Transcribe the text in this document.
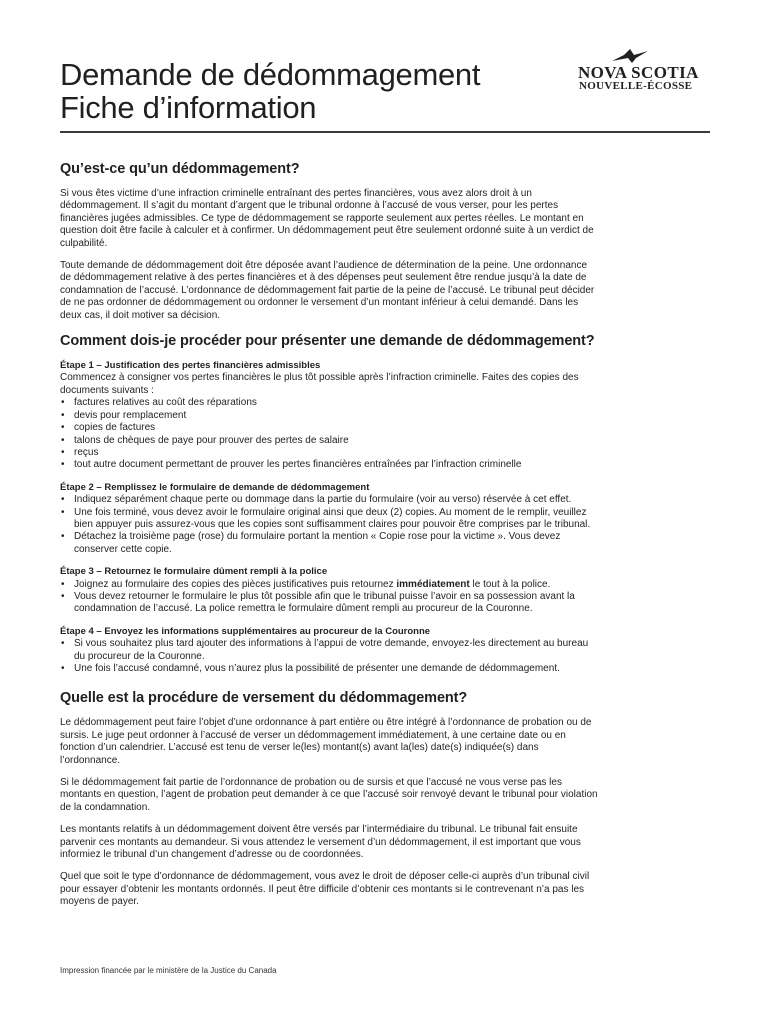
Demande de dédommagement
Fiche d’information
NOVA SCOTIA
NOUVELLE-ÉCOSSE
Qu’est-ce qu’un dédommagement?

Si vous êtes victime d’une infraction criminelle entraînant des pertes financières, vous avez alors droit à un dédommagement. Il s’agit du montant d’argent que le tribunal ordonne à l’accusé de vous verser, pour les pertes financières jugées admissibles. Ce type de dédommagement se rapporte seulement aux pertes réelles. Le montant en question doit être facile à calculer et à confirmer. Un dédommagement peut être seulement ordonné suite à un verdict de culpabilité.

Toute demande de dédommagement doit être déposée avant l’audience de détermination de la peine. Une ordonnance de dédommagement relative à des pertes financières et à des dépenses peut seulement être rendue jusqu’à la date de condamnation de l’accusé. L’ordonnance de dédommagement fait partie de la peine de l’accusé. Le tribunal peut décider de ne pas ordonner de dédommagement ou ordonner le versement d’un montant inférieur à celui demandé. Dans les deux cas, il doit motiver sa décision.

Comment dois-je procéder pour présenter une demande de dédommagement?
Étape 1 – Justification des pertes financières admissibles
Commencez à consigner vos pertes financières le plus tôt possible après l’infraction criminelle. Faites des copies des documents suivants :
• factures relatives au coût des réparations
• devis pour remplacement
• copies de factures
• talons de chèques de paye pour prouver des pertes de salaire
• reçus
• tout autre document permettant de prouver les pertes financières entraînées par l’infraction criminelle
Étape 2 – Remplissez le formulaire de demande de dédommagement
• Indiquez séparément chaque perte ou dommage dans la partie du formulaire (voir au verso) réservée à cet effet.
• Une fois terminé, vous devez avoir le formulaire original ainsi que deux (2) copies. Au moment de le remplir, veuillez bien appuyer puis assurez-vous que les copies sont suffisamment claires pour pouvoir être comprises par le tribunal.
• Détachez la troisième page (rose) du formulaire portant la mention « Copie rose pour la victime ». Vous devez conserver cette copie.
Étape 3 – Retournez le formulaire dûment rempli à la police
• Joignez au formulaire des copies des pièces justificatives puis retournez immédiatement le tout à la police.
• Vous devez retourner le formulaire le plus tôt possible afin que le tribunal puisse l’avoir en sa possession avant la condamnation de l’accusé. La police remettra le formulaire dûment rempli au procureur de la Couronne.
Étape 4 – Envoyez les informations supplémentaires au procureur de la Couronne
• Si vous souhaitez plus tard ajouter des informations à l’appui de votre demande, envoyez-les directement au bureau du procureur de la Couronne.
• Une fois l’accusé condamné, vous n’aurez plus la possibilité de présenter une demande de dédommagement.
Quelle est la procédure de versement du dédommagement?

Le dédommagement peut faire l’objet d’une ordonnance à part entière ou être intégré à l’ordonnance de probation ou de sursis. Le juge peut ordonner à l’accusé de verser un dédommagement immédiatement, à une certaine date ou en fonction d’un calendrier. L’accusé est tenu de verser le(les) montant(s) avant la(les) date(s) indiquée(s) dans l’ordonnance.

Si le dédommagement fait partie de l’ordonnance de probation ou de sursis et que l’accusé ne vous verse pas les montants en question, l’agent de probation peut demander à ce que l’accusé soir renvoyé devant le tribunal pour violation de la condamnation.

Les montants relatifs à un dédommagement doivent être versés par l’intermédiaire du tribunal. Le tribunal fait ensuite parvenir ces montants au demandeur. Si vous attendez le versement d’un dédommagement, il est important que vous informiez le tribunal d’un changement d’adresse ou de coordonnées.

Quel que soit le type d’ordonnance de dédommagement, vous avez le droit de déposer celle-ci auprès d’un tribunal civil pour essayer d’obtenir les montants ordonnés. Il peut être difficile d’obtenir ces montants si le contrevenant n’a pas les moyens de payer.

Impression financée par le ministère de la Justice du Canada
